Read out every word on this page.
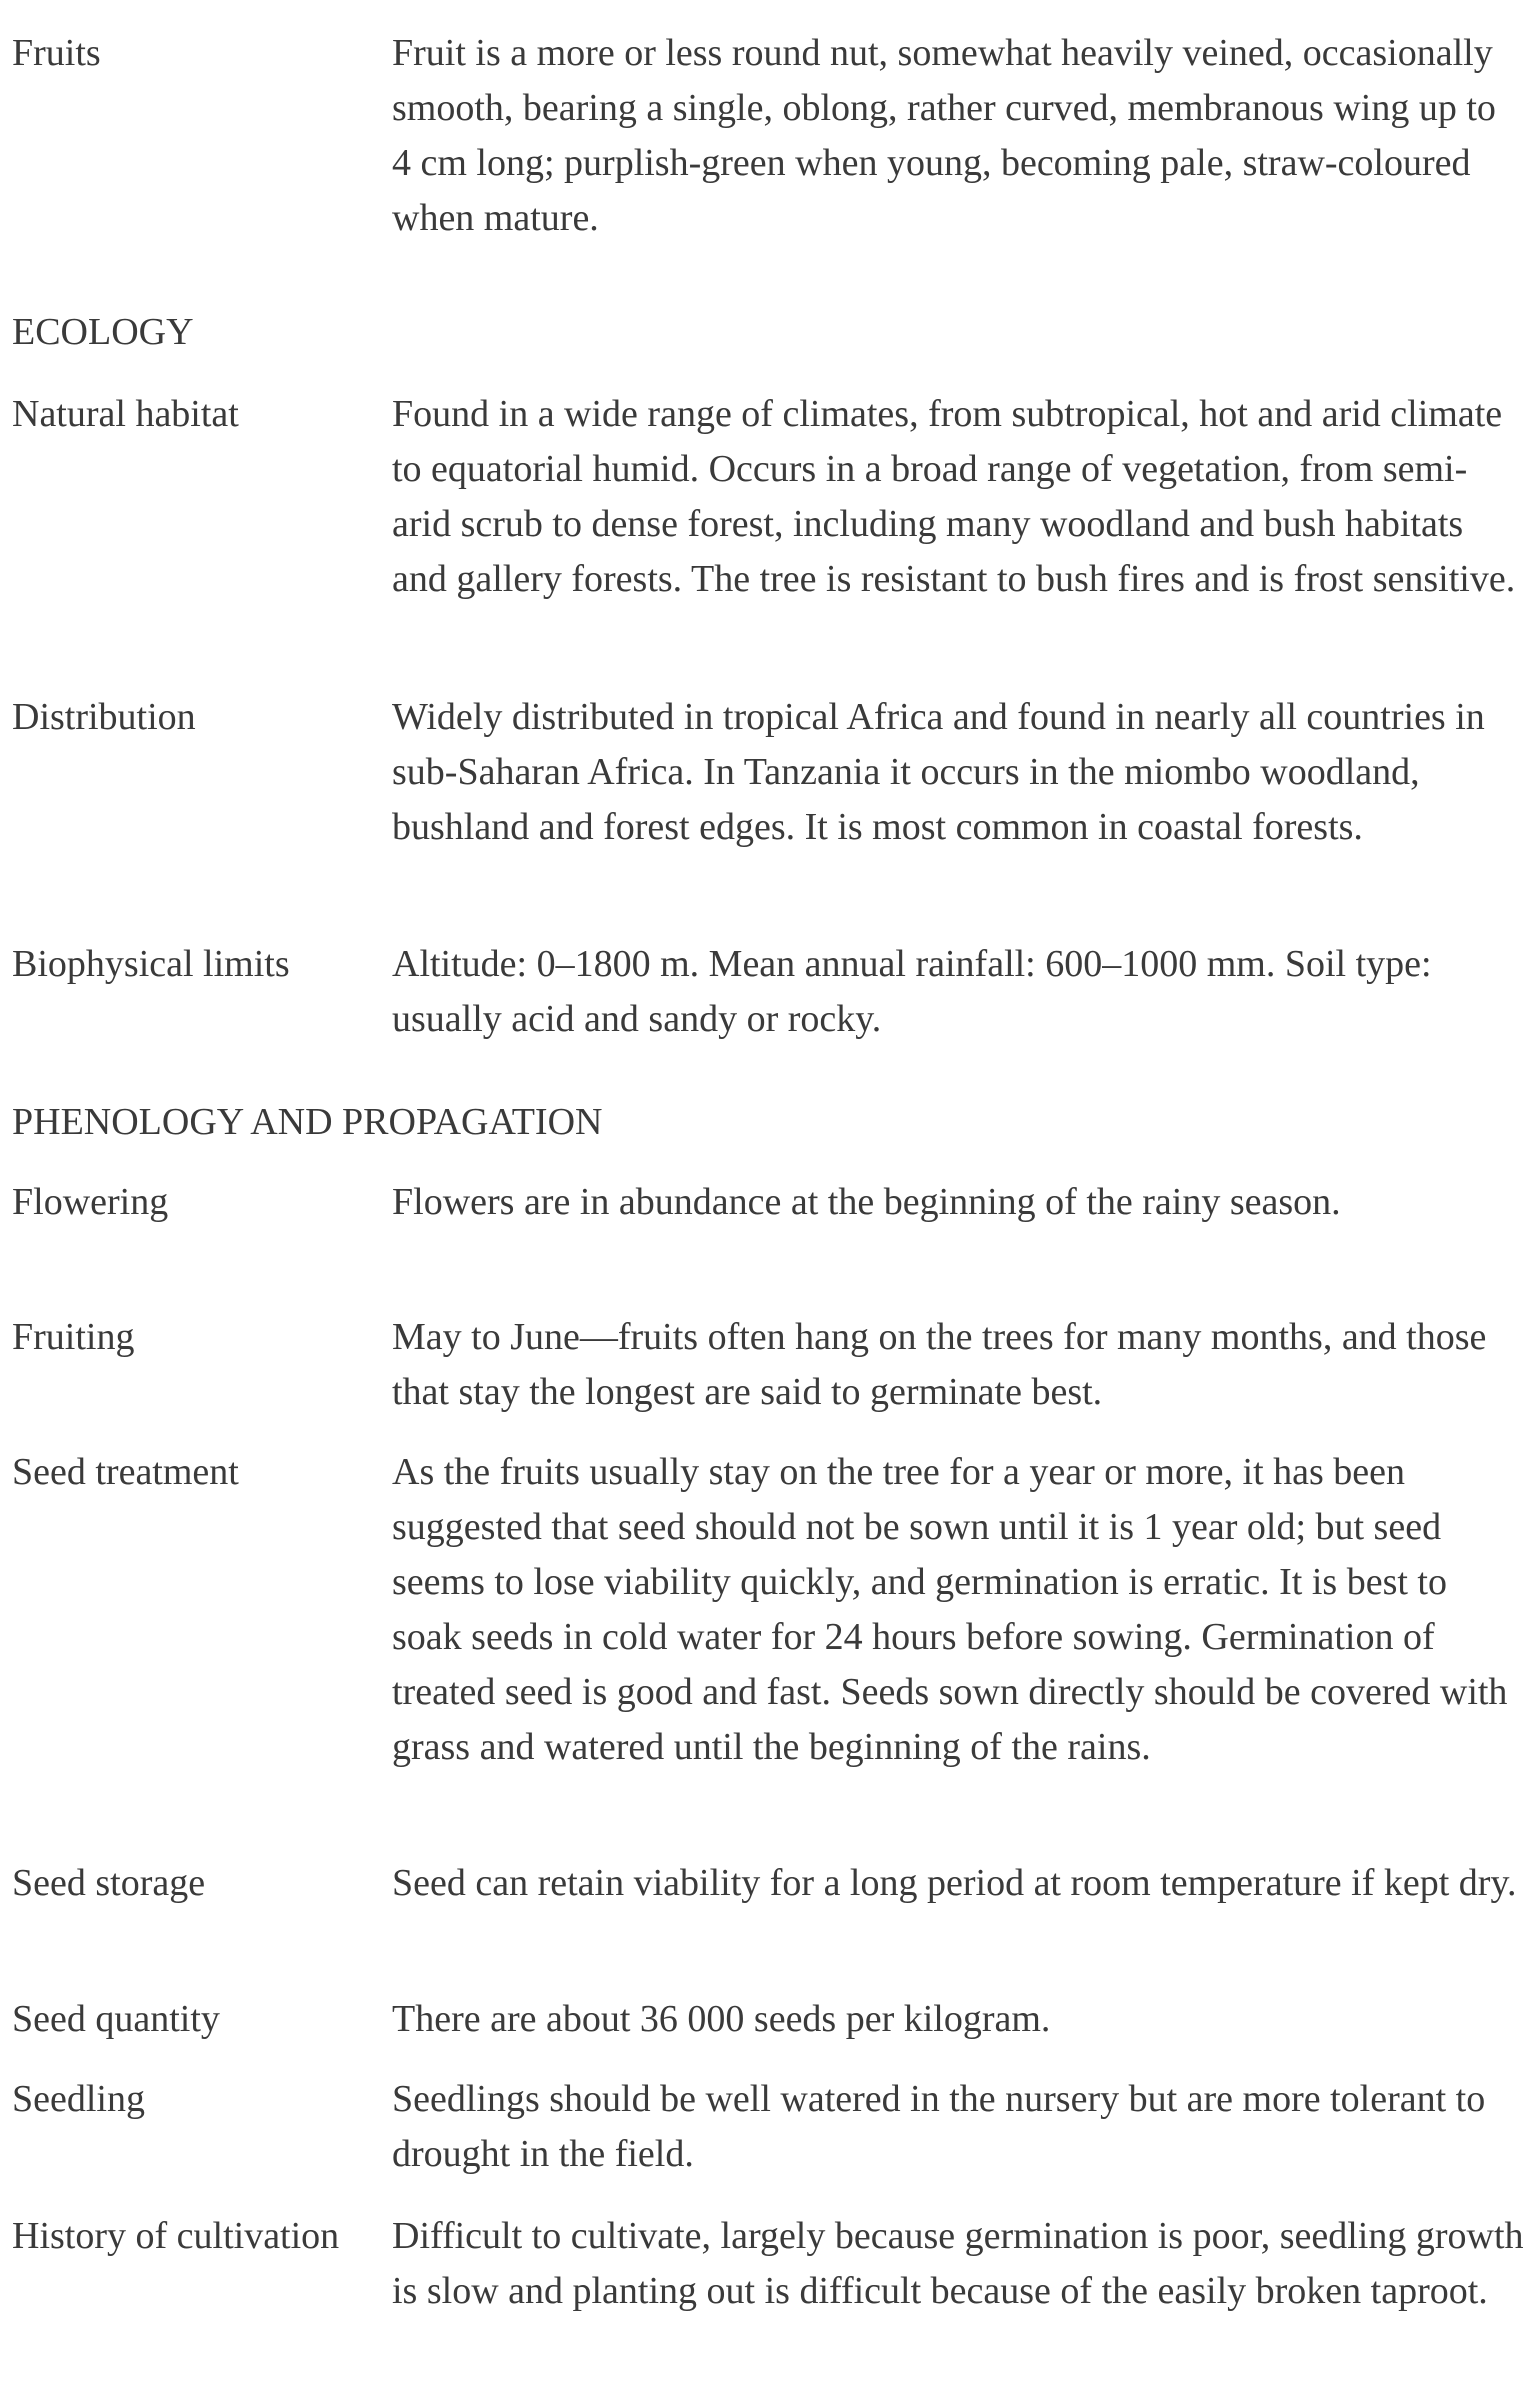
Fruits	Fruit is a more or less round nut, somewhat heavily veined, occasionally smooth, bearing a single, oblong, rather curved, membranous wing up to 4 cm long; purplish-green when young, becoming pale, straw-coloured when mature.
ECOLOGY
Natural habitat	Found in a wide range of climates, from subtropical, hot and arid climate to equatorial humid. Occurs in a broad range of vegetation, from semi-arid scrub to dense forest, including many woodland and bush habitats and gallery forests. The tree is resistant to bush fires and is frost sensitive.
Distribution	Widely distributed in tropical Africa and found in nearly all countries in sub-Saharan Africa. In Tanzania it occurs in the miombo woodland, bushland and forest edges. It is most common in coastal forests.
Biophysical limits	Altitude: 0–1800 m. Mean annual rainfall: 600–1000 mm. Soil type: usually acid and sandy or rocky.
PHENOLOGY AND PROPAGATION
Flowering	Flowers are in abundance at the beginning of the rainy season.
Fruiting	May to June—fruits often hang on the trees for many months, and those that stay the longest are said to germinate best.
Seed treatment	As the fruits usually stay on the tree for a year or more, it has been suggested that seed should not be sown until it is 1 year old; but seed seems to lose viability quickly, and germination is erratic. It is best to soak seeds in cold water for 24 hours before sowing. Germination of treated seed is good and fast. Seeds sown directly should be covered with grass and watered until the beginning of the rains.
Seed storage	Seed can retain viability for a long period at room temperature if kept dry.
Seed quantity	There are about 36 000 seeds per kilogram.
Seedling	Seedlings should be well watered in the nursery but are more tolerant to drought in the field.
History of cultivation	Difficult to cultivate, largely because germination is poor, seedling growth is slow and planting out is difficult because of the easily broken taproot.
